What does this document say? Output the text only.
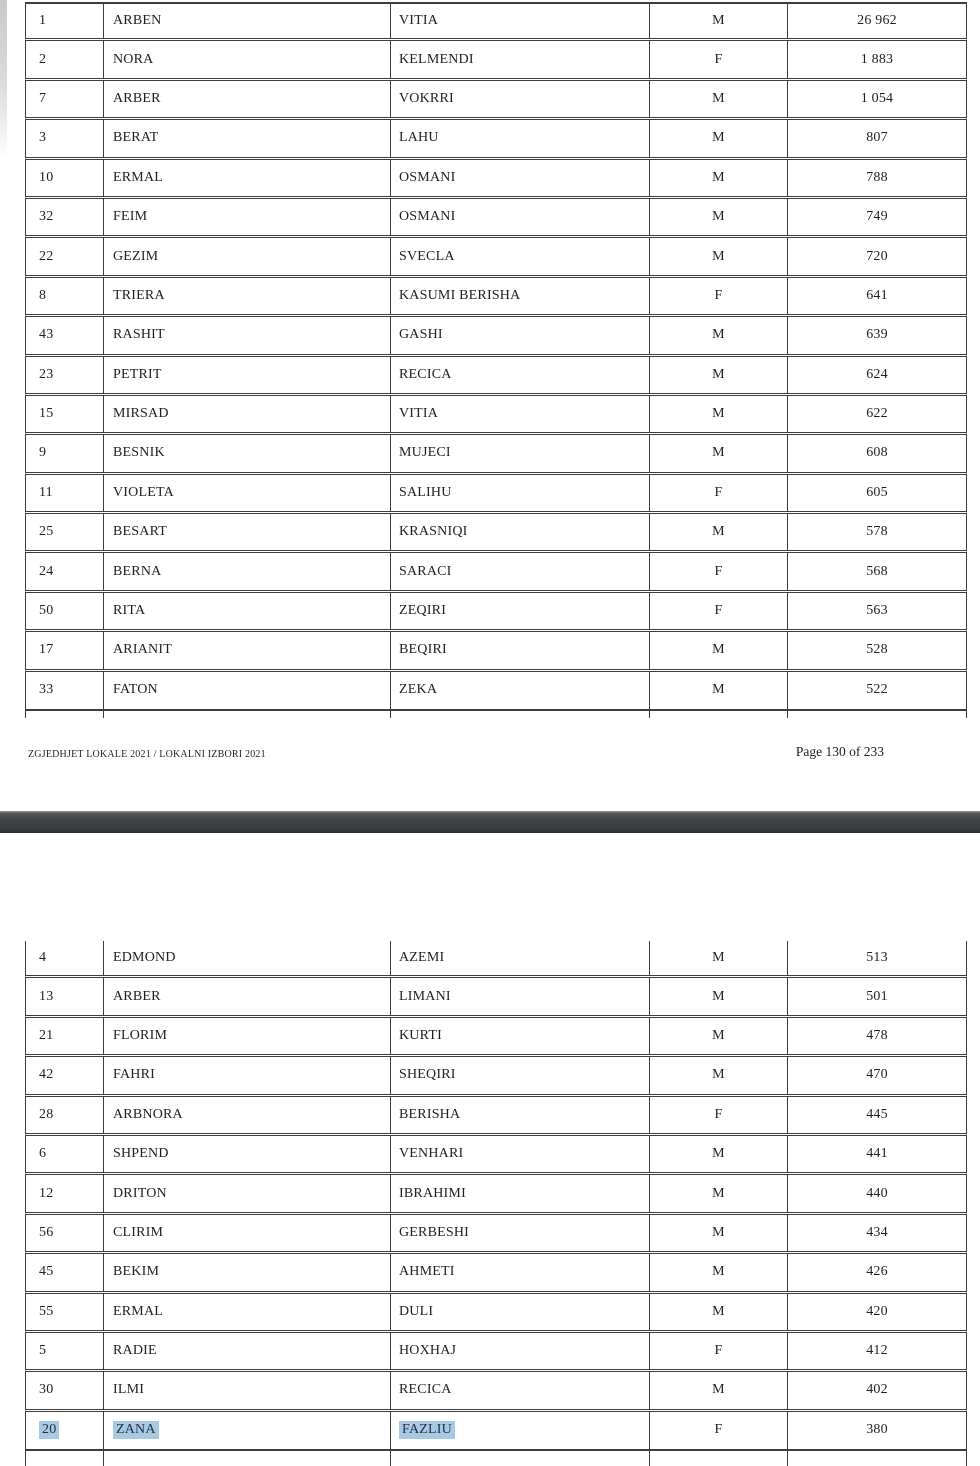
1	ARBEN	VITIA	M	26 962
2	NORA	KELMENDI	F	1 883
7	ARBER	VOKRRI	M	1 054
3	BERAT	LAHU	M	807
10	ERMAL	OSMANI	M	788
32	FEIM	OSMANI	M	749
22	GEZIM	SVECLA	M	720
8	TRIERA	KASUMI BERISHA	F	641
43	RASHIT	GASHI	M	639
23	PETRIT	RECICA	M	624
15	MIRSAD	VITIA	M	622
9	BESNIK	MUJECI	M	608
11	VIOLETA	SALIHU	F	605
25	BESART	KRASNIQI	M	578
24	BERNA	SARACI	F	568
50	RITA	ZEQIRI	F	563
17	ARIANIT	BEQIRI	M	528
33	FATON	ZEKA	M	522
ZGJEDHJET LOKALE 2021 / LOKALNI IZBORI 2021	Page 130 of 233
4	EDMOND	AZEMI	M	513
13	ARBER	LIMANI	M	501
21	FLORIM	KURTI	M	478
42	FAHRI	SHEQIRI	M	470
28	ARBNORA	BERISHA	F	445
6	SHPEND	VENHARI	M	441
12	DRITON	IBRAHIMI	M	440
56	CLIRIM	GERBESHI	M	434
45	BEKIM	AHMETI	M	426
55	ERMAL	DULI	M	420
5	RADIE	HOXHAJ	F	412
30	ILMI	RECICA	M	402
20	ZANA	FAZLIU	F	380
